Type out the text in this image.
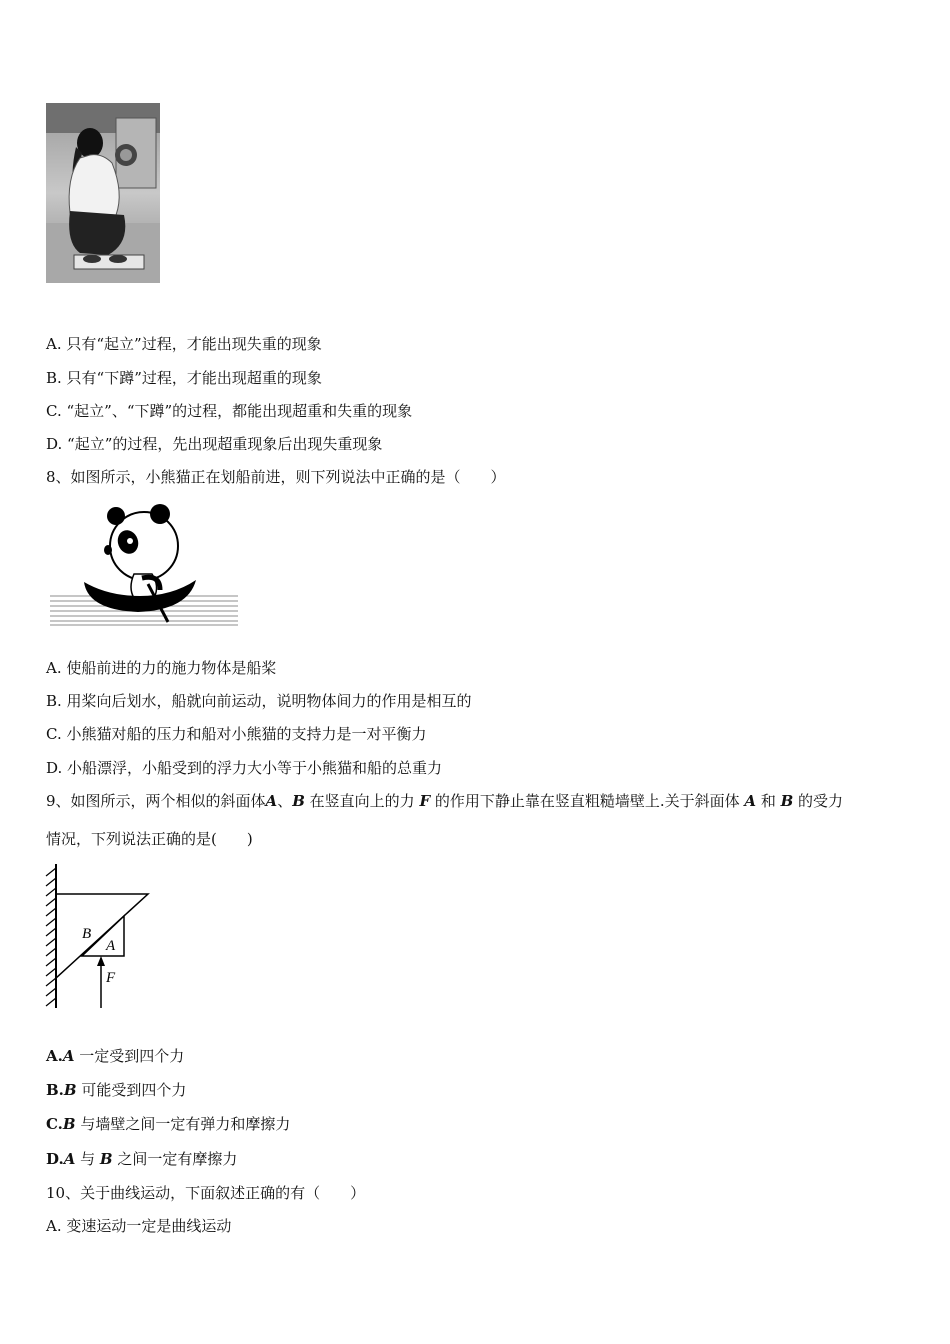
A. 只有“起立”过程，才能出现失重的现象
B. 只有“下蹲”过程，才能出现超重的现象
C. “起立”、“下蹲”的过程，都能出现超重和失重的现象
D. “起立”的过程，先出现超重现象后出现失重现象
8、如图所示，小熊猫正在划船前进，则下列说法中正确的是（　　）
A. 使船前进的力的施力物体是船桨
B. 用桨向后划水，船就向前运动，说明物体间力的作用是相互的
C. 小熊猫对船的压力和船对小熊猫的支持力是一对平衡力
D. 小船漂浮，小船受到的浮力大小等于小熊猫和船的总重力
9、如图所示，两个相似的斜面体A、B 在竖直向上的力 F 的作用下静止靠在竖直粗糙墙壁上.关于斜面体 A 和 B 的受力
情况，下列说法正确的是(　　)
B
A
F
A.A 一定受到四个力
B.B 可能受到四个力
C.B 与墙壁之间一定有弹力和摩擦力
D.A 与 B 之间一定有摩擦力
10、关于曲线运动，下面叙述正确的有（　　）
A. 变速运动一定是曲线运动
